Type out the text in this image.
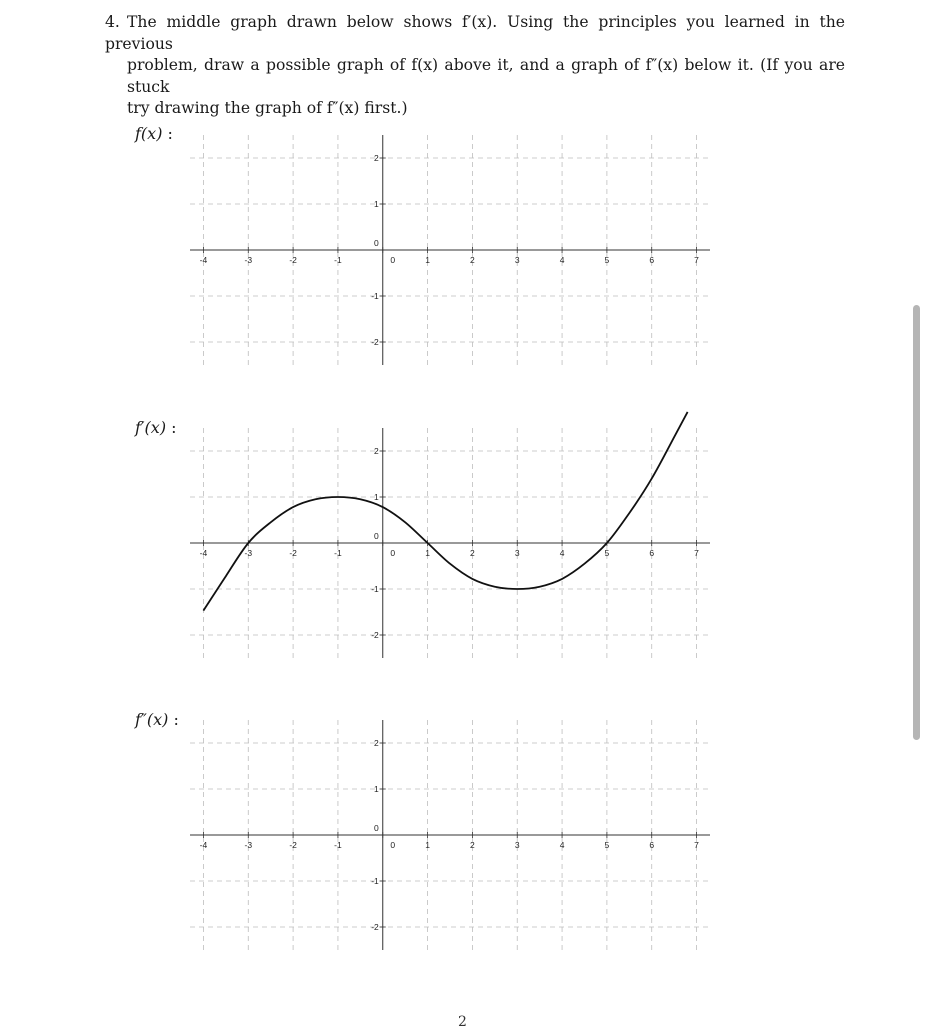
4. The middle graph drawn below shows f′(x). Using the principles you learned in the previous
problem, draw a possible graph of f(x) above it, and a graph of f″(x) below it. (If you are stuck
try drawing the graph of f″(x) first.)

f(x) :
-4	-3	-2	-1	0	1	2	3	4	5	6	7
2
1
0
-1
-2
f′(x) :
-4	-3	-2	-1	0	1	2	3	4	5	6	7
2
1
0
-1
-2
f″(x) :
-4	-3	-2	-1	0	1	2	3	4	5	6	7
2
1
0
-1
-2
2
